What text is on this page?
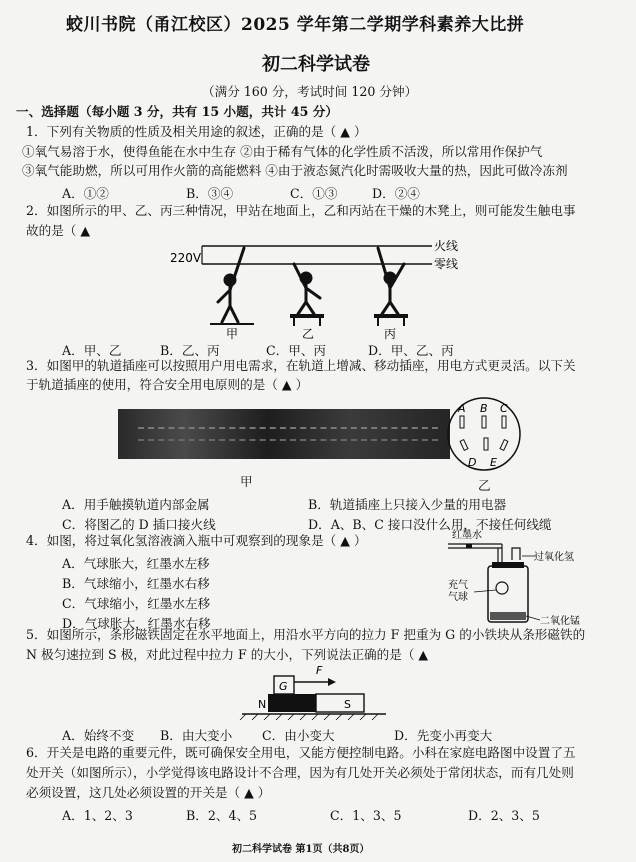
蛟川书院（甬江校区）2025 学年第二学期学科素养大比拼
初二科学试卷
（满分 160 分，考试时间 120 分钟）
一、选择题（每小题 3 分，共有 15 小题，共计 45 分）
1．下列有关物质的性质及相关用途的叙述，正确的是（ ▲ ）
①氧气易溶于水，使得鱼能在水中生存 ②由于稀有气体的化学性质不活泼，所以常用作保护气
③氧气能助燃，所以可用作火箭的高能燃料 ④由于液态氮汽化时需吸收大量的热，因此可做冷冻剂
A．①②	B．③④	C．①③	D．②④
2．如图所示的甲、乙、丙三种情况，甲站在地面上，乙和丙站在干燥的木凳上，则可能发生触电事
故的是（ ▲
220V
火线
零线
甲	乙	丙
A．甲、乙	B．乙、丙	C．甲、丙	D．甲、乙、丙
3．如图甲的轨道插座可以按照用户用电需求，在轨道上增减、移动插座，用电方式更灵活。以下关
于轨道插座的使用，符合安全用电原则的是（ ▲ ）
甲
A B C
D E
乙
A．用手触摸轨道内部金属	B．轨道插座上只接入少量的用电器
C．将图乙的 D 插口接火线	D．A、B、C 接口没什么用，不接任何线缆
4．如图，将过氧化氢溶液滴入瓶中可观察到的现象是（ ▲ ）
A．气球胀大，红墨水左移
B．气球缩小，红墨水右移
C．气球缩小，红墨水左移
D．气球胀大，红墨水右移
红墨水
过氧化氢
充气
气球
二氧化锰
5．如图所示，条形磁铁固定在水平地面上，用沿水平方向的拉力 F 把重为 G 的小铁块从条形磁铁的
N 极匀速拉到 S 极，对此过程中拉力 F 的大小，下列说法正确的是（ ▲
G
F
N	S
A．始终不变 B．由大变小 C．由小变大	D．先变小再变大
6．开关是电路的重要元件，既可确保安全用电，又能方便控制电路。小科在家庭电路图中设置了五
处开关（如图所示），小学觉得该电路设计不合理，因为有几处开关必须处于常闭状态，而有几处则
必须设置，这几处必须设置的开关是（ ▲ ）
A．1、2、3	B．2、4、5	C．1、3、5	D．2、3、5
初二科学试卷 第1页（共8页）
